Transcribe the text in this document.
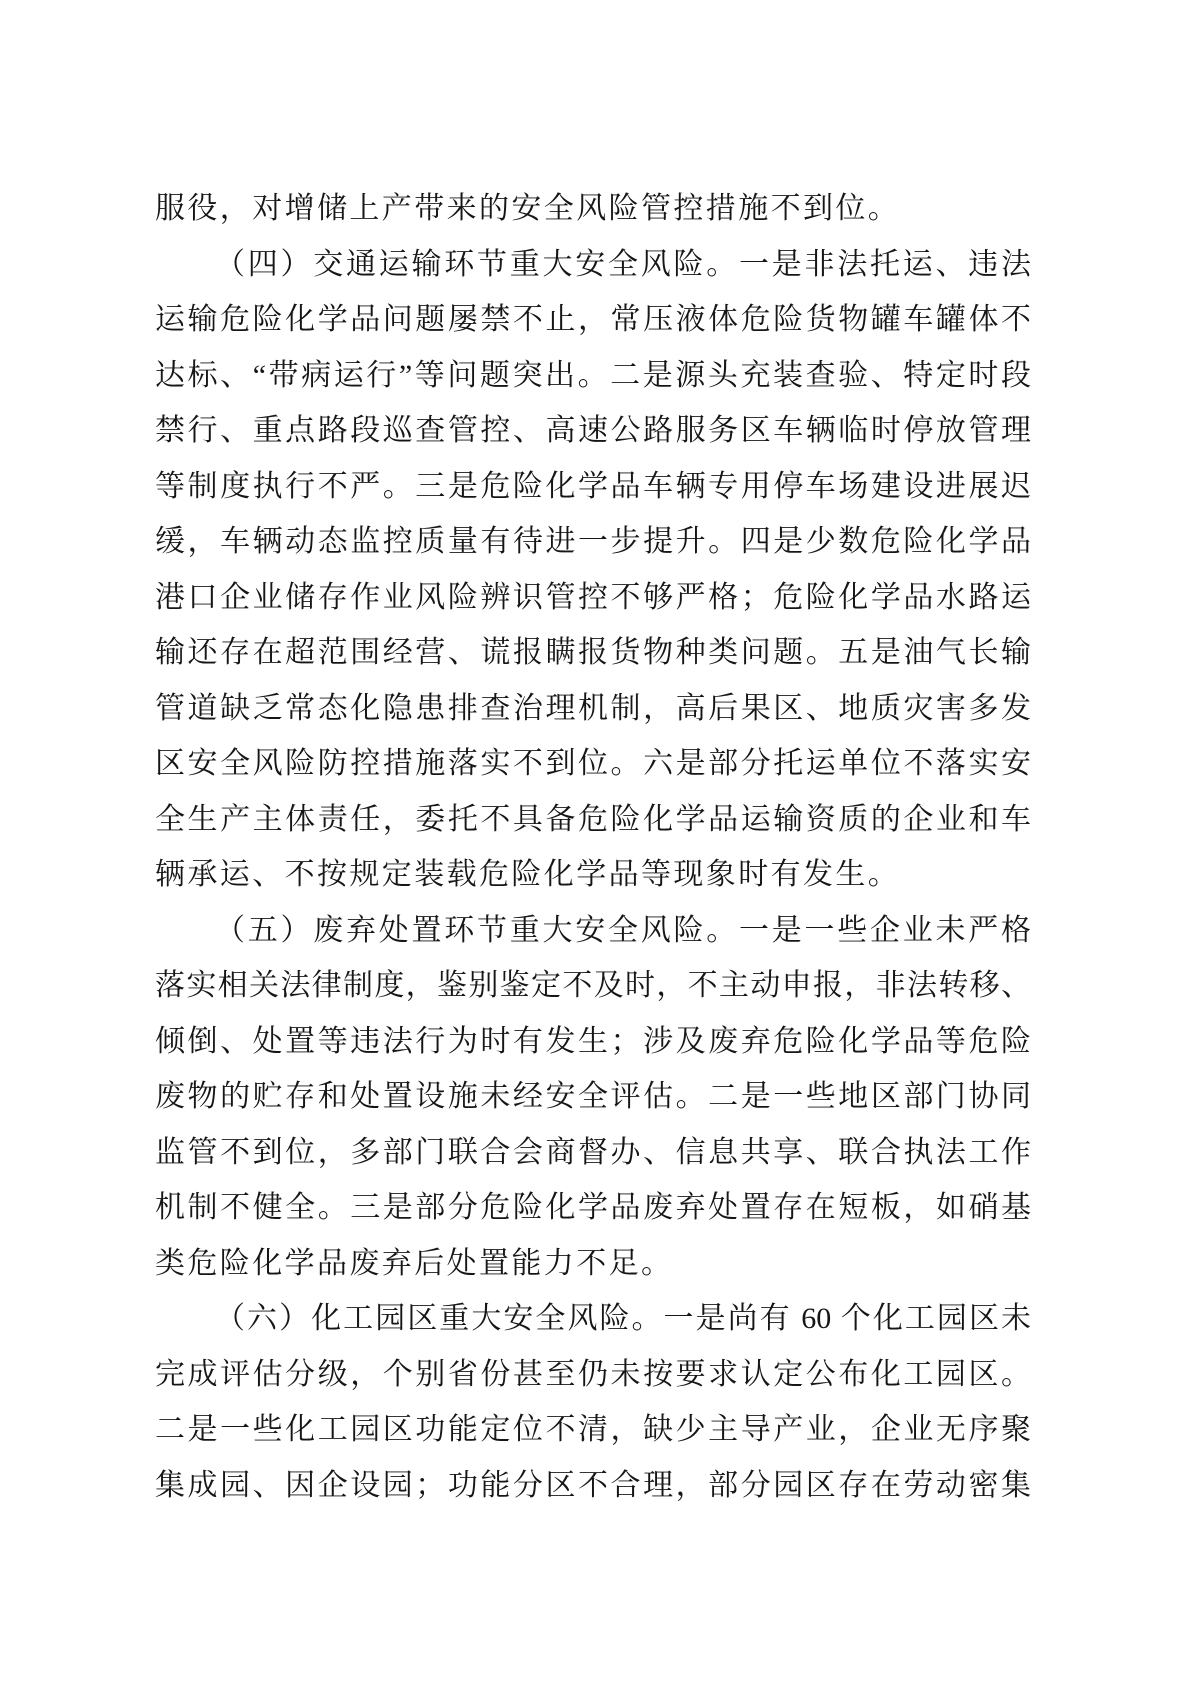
服役，对增储上产带来的安全风险管控措施不到位。
（四）交通运输环节重大安全风险。一是非法托运、违法
运输危险化学品问题屡禁不止，常压液体危险货物罐车罐体不
达标、“带病运行”等问题突出。二是源头充装查验、特定时段
禁行、重点路段巡查管控、高速公路服务区车辆临时停放管理
等制度执行不严。三是危险化学品车辆专用停车场建设进展迟
缓，车辆动态监控质量有待进一步提升。四是少数危险化学品
港口企业储存作业风险辨识管控不够严格；危险化学品水路运
输还存在超范围经营、谎报瞒报货物种类问题。五是油气长输
管道缺乏常态化隐患排查治理机制，高后果区、地质灾害多发
区安全风险防控措施落实不到位。六是部分托运单位不落实安
全生产主体责任，委托不具备危险化学品运输资质的企业和车
辆承运、不按规定装载危险化学品等现象时有发生。
（五）废弃处置环节重大安全风险。一是一些企业未严格
落实相关法律制度，鉴别鉴定不及时，不主动申报，非法转移、
倾倒、处置等违法行为时有发生；涉及废弃危险化学品等危险
废物的贮存和处置设施未经安全评估。二是一些地区部门协同
监管不到位，多部门联合会商督办、信息共享、联合执法工作
机制不健全。三是部分危险化学品废弃处置存在短板，如硝基
类危险化学品废弃后处置能力不足。
（六）化工园区重大安全风险。一是尚有 60 个化工园区未
完成评估分级，个别省份甚至仍未按要求认定公布化工园区。
二是一些化工园区功能定位不清，缺少主导产业，企业无序聚
集成园、因企设园；功能分区不合理，部分园区存在劳动密集
